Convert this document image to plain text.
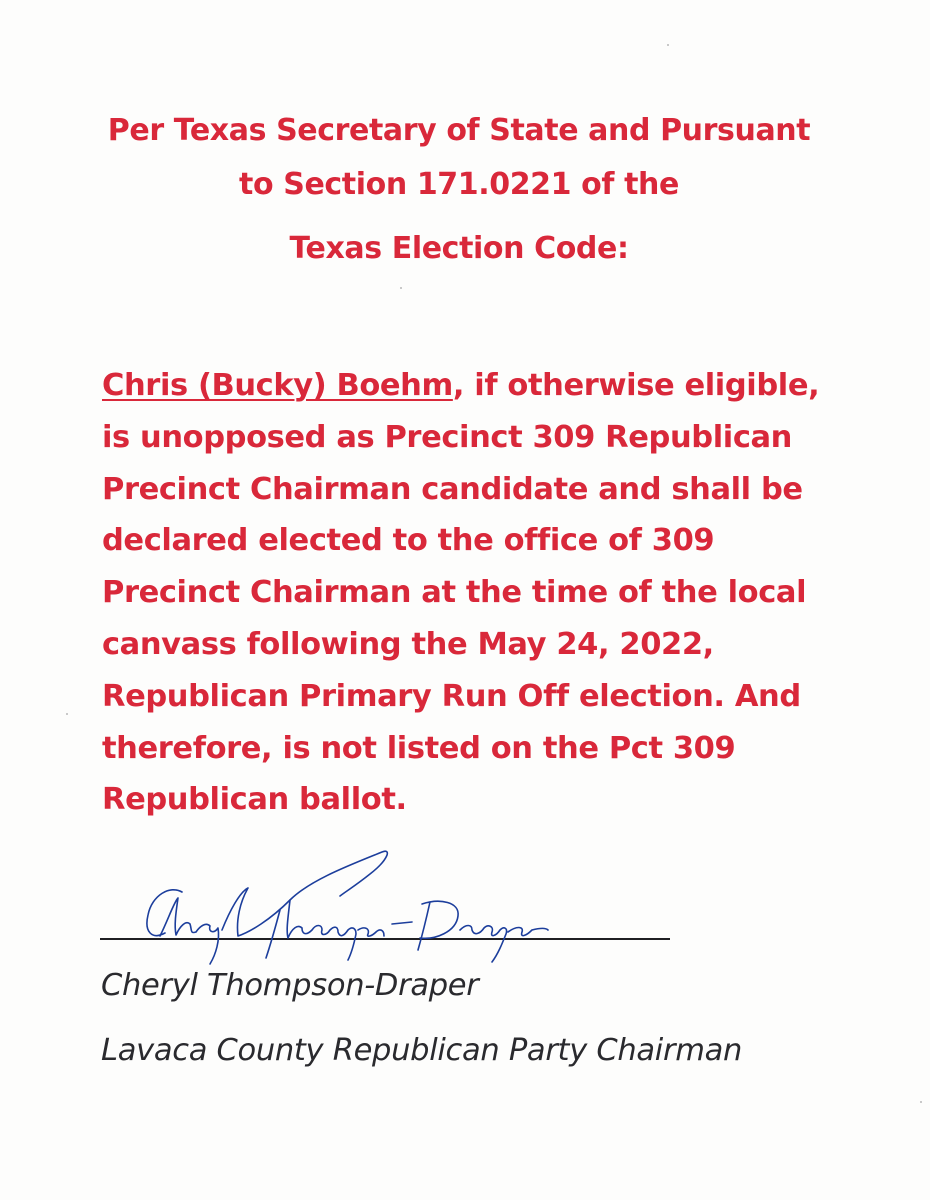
Per Texas Secretary of State and Pursuant
to Section 171.0221 of the
Texas Election Code:
Chris (Bucky) Boehm, if otherwise eligible,
is unopposed as Precinct 309 Republican
Precinct Chairman candidate and shall be
declared elected to the office of 309
Precinct Chairman at the time of the local
canvass following the May 24, 2022,
Republican Primary Run Off election. And
therefore, is not listed on the Pct 309
Republican ballot.
Cheryl Thompson-Draper
Lavaca County Republican Party Chairman
